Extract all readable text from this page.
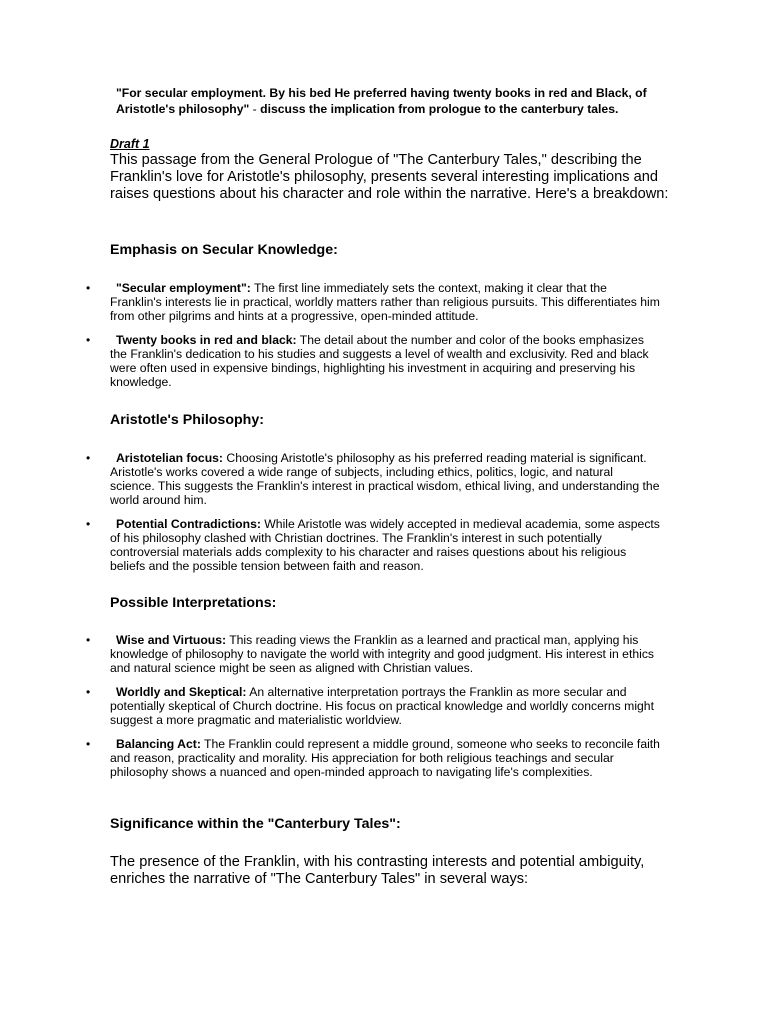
"For secular employment. By his bed He preferred having twenty books in red and Black, of Aristotle's philosophy" - discuss the implication from prologue to the canterbury tales.
Draft 1
This passage from the General Prologue of "The Canterbury Tales," describing the Franklin's love for Aristotle's philosophy, presents several interesting implications and raises questions about his character and role within the narrative. Here's a breakdown:
Emphasis on Secular Knowledge:
• "Secular employment": The first line immediately sets the context, making it clear that the Franklin's interests lie in practical, worldly matters rather than religious pursuits. This differentiates him from other pilgrims and hints at a progressive, open-minded attitude.
• Twenty books in red and black: The detail about the number and color of the books emphasizes the Franklin's dedication to his studies and suggests a level of wealth and exclusivity. Red and black were often used in expensive bindings, highlighting his investment in acquiring and preserving his knowledge.
Aristotle's Philosophy:
• Aristotelian focus: Choosing Aristotle's philosophy as his preferred reading material is significant. Aristotle's works covered a wide range of subjects, including ethics, politics, logic, and natural science. This suggests the Franklin's interest in practical wisdom, ethical living, and understanding the world around him.
• Potential Contradictions: While Aristotle was widely accepted in medieval academia, some aspects of his philosophy clashed with Christian doctrines. The Franklin's interest in such potentially controversial materials adds complexity to his character and raises questions about his religious beliefs and the possible tension between faith and reason.
Possible Interpretations:
• Wise and Virtuous: This reading views the Franklin as a learned and practical man, applying his knowledge of philosophy to navigate the world with integrity and good judgment. His interest in ethics and natural science might be seen as aligned with Christian values.
• Worldly and Skeptical: An alternative interpretation portrays the Franklin as more secular and potentially skeptical of Church doctrine. His focus on practical knowledge and worldly concerns might suggest a more pragmatic and materialistic worldview.
• Balancing Act: The Franklin could represent a middle ground, someone who seeks to reconcile faith and reason, practicality and morality. His appreciation for both religious teachings and secular philosophy shows a nuanced and open-minded approach to navigating life's complexities.
Significance within the "Canterbury Tales":
The presence of the Franklin, with his contrasting interests and potential ambiguity, enriches the narrative of "The Canterbury Tales" in several ways:
